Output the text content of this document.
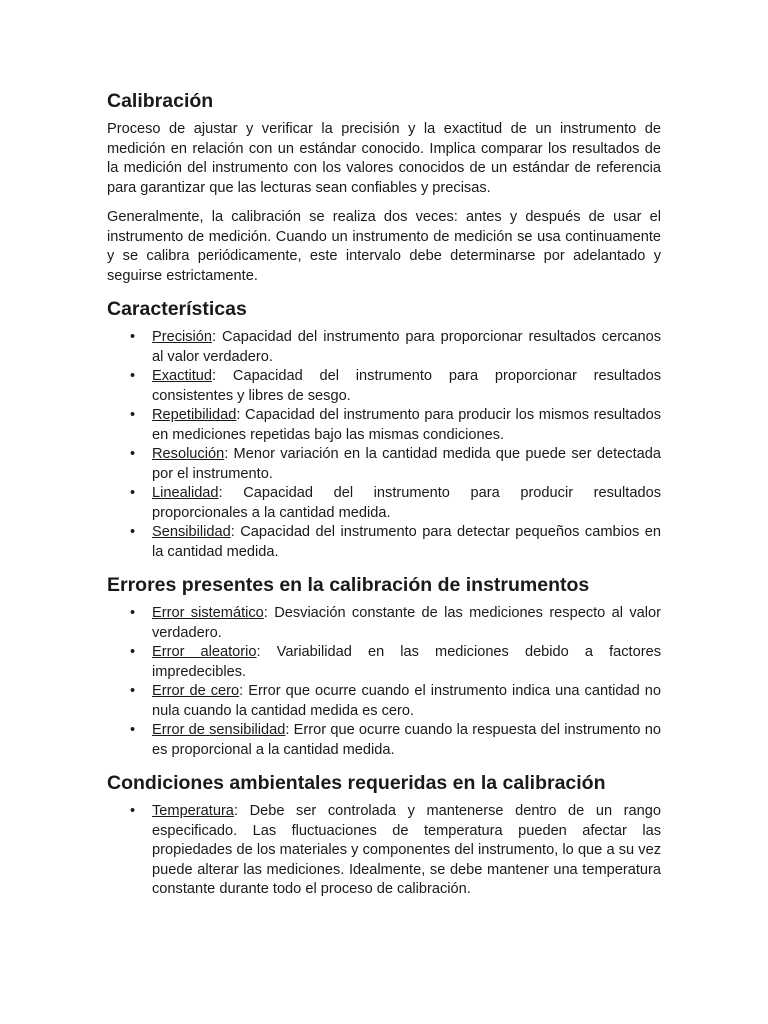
Calibración

Proceso de ajustar y verificar la precisión y la exactitud de un instrumento de medición en relación con un estándar conocido. Implica comparar los resultados de la medición del instrumento con los valores conocidos de un estándar de referencia para garantizar que las lecturas sean confiables y precisas.

Generalmente, la calibración se realiza dos veces: antes y después de usar el instrumento de medición. Cuando un instrumento de medición se usa continuamente y se calibra periódicamente, este intervalo debe determinarse por adelantado y seguirse estrictamente.

Características
• Precisión: Capacidad del instrumento para proporcionar resultados cercanos al valor verdadero.
• Exactitud: Capacidad del instrumento para proporcionar resultados consistentes y libres de sesgo.
• Repetibilidad: Capacidad del instrumento para producir los mismos resultados en mediciones repetidas bajo las mismas condiciones.
• Resolución: Menor variación en la cantidad medida que puede ser detectada por el instrumento.
• Linealidad: Capacidad del instrumento para producir resultados proporcionales a la cantidad medida.
• Sensibilidad: Capacidad del instrumento para detectar pequeños cambios en la cantidad medida.
Errores presentes en la calibración de instrumentos
• Error sistemático: Desviación constante de las mediciones respecto al valor verdadero.
• Error aleatorio: Variabilidad en las mediciones debido a factores impredecibles.
• Error de cero: Error que ocurre cuando el instrumento indica una cantidad no nula cuando la cantidad medida es cero.
• Error de sensibilidad: Error que ocurre cuando la respuesta del instrumento no es proporcional a la cantidad medida.
Condiciones ambientales requeridas en la calibración
• Temperatura: Debe ser controlada y mantenerse dentro de un rango especificado. Las fluctuaciones de temperatura pueden afectar las propiedades de los materiales y componentes del instrumento, lo que a su vez puede alterar las mediciones. Idealmente, se debe mantener una temperatura constante durante todo el proceso de calibración.
